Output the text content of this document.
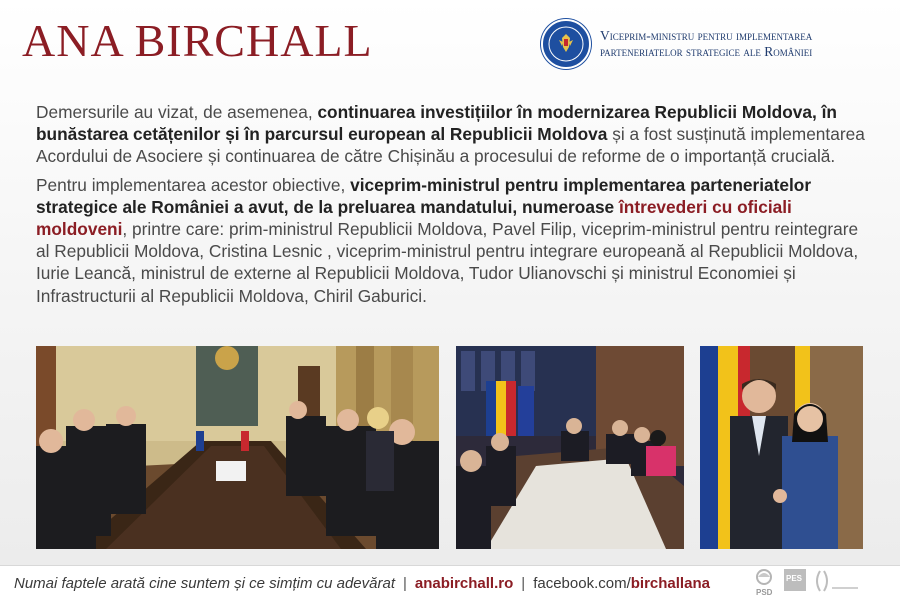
ANA BIRCHALL	Viceprim-ministru pentru implementarea
parteneriatelor strategice ale României

Demersurile au vizat, de asemenea, continuarea investițiilor în modernizarea Republicii Moldova, în bunăstarea cetățenilor și în parcursul european al Republicii Moldova și a fost susținută implementarea Acordului de Asociere și continuarea de către Chișinău a procesului de reforme de o importanță crucială.

Pentru implementarea acestor obiective, viceprim-ministrul pentru implementarea parteneriatelor strategice ale României a avut, de la preluarea mandatului, numeroase întrevederi cu oficiali moldoveni, printre care: prim-ministrul Republicii Moldova, Pavel Filip, viceprim-ministrul pentru reintegrare al Republicii Moldova, Cristina Lesnic , viceprim-ministrul pentru integrare europeană al Republicii Moldova, Iurie Leancă, ministrul de externe al Republicii Moldova, Tudor Ulianovschi și ministrul Economiei și Infrastructurii al Republicii Moldova, Chiril Gaburici.

Numai faptele arată cine suntem și ce simțim cu adevărat | anabirchall.ro | facebook.com/birchallana
PSD
PES
